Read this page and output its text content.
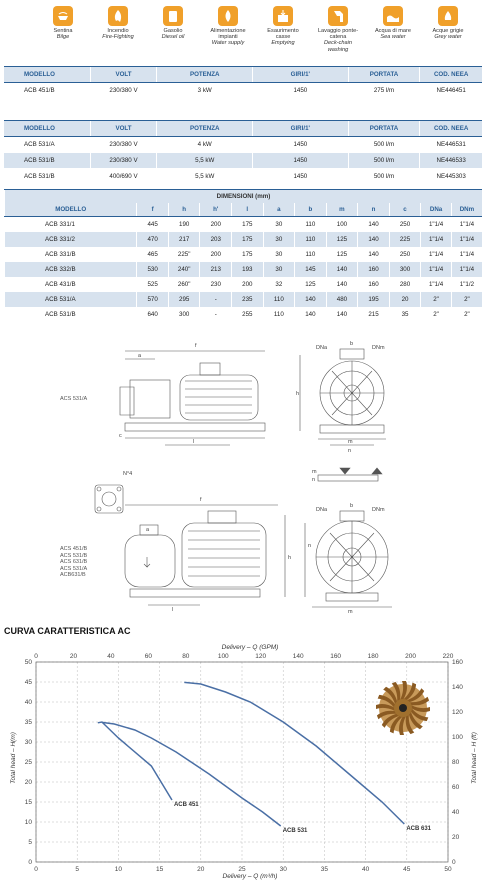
Sentina
Bilge
Incendio
Fire-Fighting
Gasolio
Diesel oil
Alimentazione impianti
Water supply
Esaurimento casse
Emptying
Lavaggio ponte-catena
Deck-chain washing
Acqua di mare
Sea water
Acque grigie
Grey water
MODELLO	VOLT	POTENZA	GIRI/1'	PORTATA	COD. NEEA
ACB 451/B	230/380 V	3 kW	1450	275 l/m	NE446451
MODELLO	VOLT	POTENZA	GIRI/1'	PORTATA	COD. NEEA
ACB 531/A	230/380 V	4 kW	1450	500 l/m	NE446531
ACB 531/B	230/380 V	5,5 kW	1450	500 l/m	NE446533
ACB 531/B	400/690 V	5,5 kW	1450	500 l/m	NE445303
DIMENSIONI (mm)											
MODELLO	f	h	h'	l	a	b	m	n	c	DNa	DNm
ACB 331/1	445	190	200	175	30	110	100	140	250	1"1/4	1"1/4
ACB 331/2	470	217	203	175	30	110	125	140	225	1"1/4	1"1/4
ACB 331/B	465	225"	200	175	30	110	125	140	250	1"1/4	1"1/4
ACB 332/B	530	240"	213	193	30	145	140	160	300	1"1/4	1"1/4
ACB 431/B	525	260"	230	200	32	125	140	160	280	1"1/4	1"1/2
ACB 531/A	570	295	-	235	110	140	480	195	20	2"	2"
ACB 531/B	640	300	-	255	110	140	140	215	35	2"	2"
f
a
l
h
c
m
n
b
DNa	DNm
N°4
f
a
l
h
m
n
b
DNa	DNm
m
n
ACS 531/A
ACS 451/B
ACS 531/B
ACS 631/B
ACS 531/A
ACB631/B
CURVA CARATTERISTICA AC
0	5	10	15	20	25	30	35	40	45	50
0
5
10
15
20
25
30
35
40
45
50
0	20	40	60	80	100	120	140	160	180	200	220
0
20
40
60
80
100
120
140
160
ACB 451
ACB 531	ACB 631
Delivery – Q (m³/h)
Delivery – Q (GPM)
Total head – H(m)	Total head – H (ft)
